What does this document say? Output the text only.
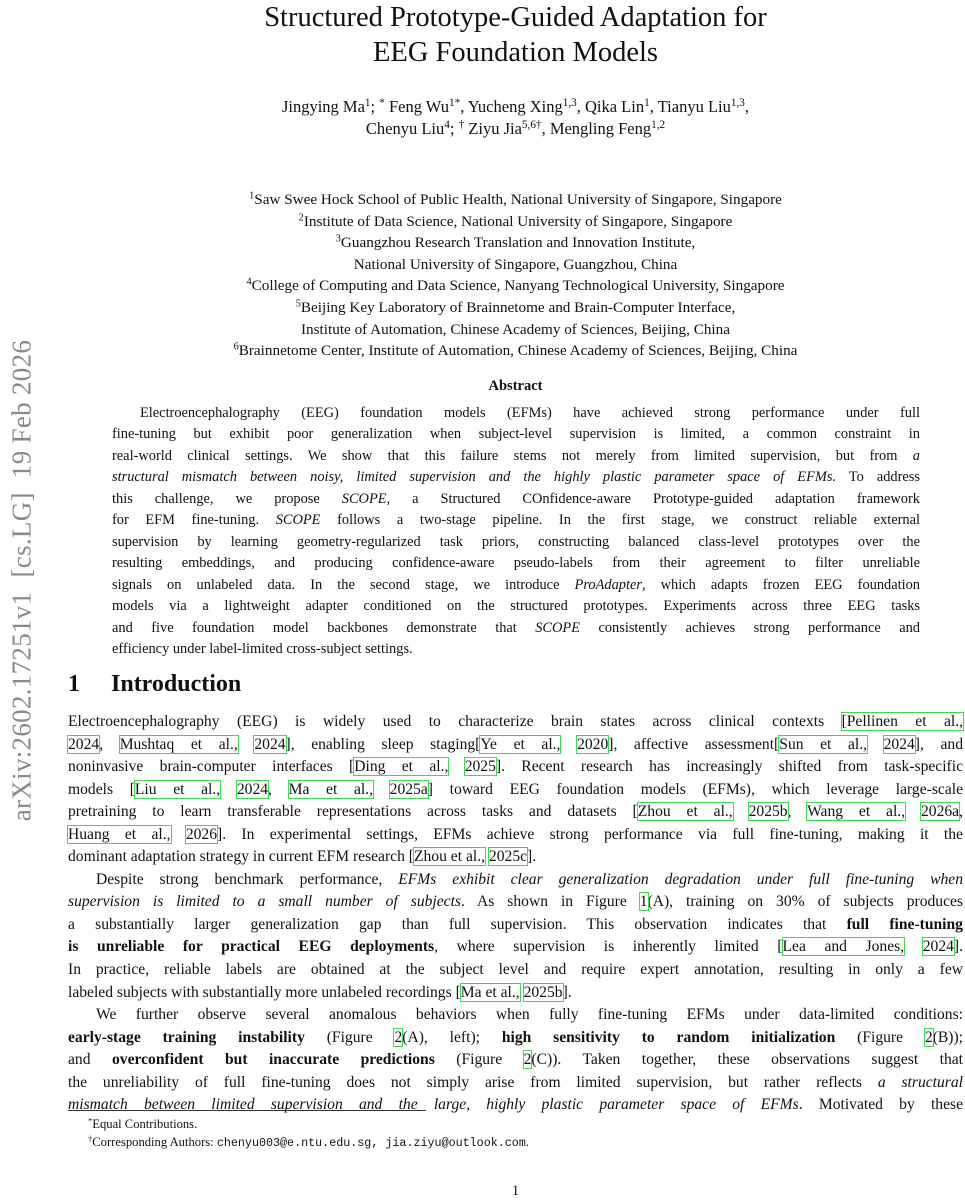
arXiv:2602.17251v1  [cs.LG]  19 Feb 2026
Structured Prototype-Guided Adaptation for
EEG Foundation Models
Jingying Ma$^1$; * Feng $Wu^{1*}$, Yucheng Xing$^{1,3}$, Qika Lin$^1$, Tianyu Liu$^{1,3}$,
Chenyu Liu$^4$; † Ziyu Jia$^{5,6\dagger}$, Mengling Feng$^{1,2}$
$^1$Saw Swee Hock School of Public Health, National University of Singapore, Singapore
$^2$Institute of Data Science, National University of Singapore, Singapore
$^3$Guangzhou Research Translation and Innovation Institute,
National University of Singapore, Guangzhou, China
$^4$College of Computing and Data Science, Nanyang Technological University, Singapore
$^5$Beijing Key Laboratory of Brainnetome and Brain-Computer Interface,
Institute of Automation, Chinese Academy of Sciences, Beijing, China
$^6$Brainnetome Center, Institute of Automation, Chinese Academy of Sciences, Beijing, China
Abstract
Electroencephalography (EEG) foundation models (EFMs) have achieved strong performance under full
fine-tuning but exhibit poor generalization when subject-level supervision is limited, a common constraint in
real-world clinical settings. We show that this failure stems not merely from limited supervision, but from a
structural mismatch between noisy, limited supervision and the highly plastic parameter space of EFMs. To address
this challenge, we propose SCOPE, a Structured COnfidence-aware Prototype-guided adaptation framework
for EFM fine-tuning. SCOPE follows a two-stage pipeline. In the first stage, we construct reliable external
supervision by learning geometry-regularized task priors, constructing balanced class-level prototypes over the
resulting embeddings, and producing confidence-aware pseudo-labels from their agreement to filter unreliable
signals on unlabeled data. In the second stage, we introduce ProAdapter, which adapts frozen EEG foundation
models via a lightweight adapter conditioned on the structured prototypes. Experiments across three EEG tasks
and five foundation model backbones demonstrate that SCOPE consistently achieves strong performance and
efficiency under label-limited cross-subject settings.
1 Introduction
Electroencephalography (EEG) is widely used to characterize brain states across clinical contexts [Pellinen et al.,
2024, Mushtaq et al., 2024], enabling sleep staging[Ye et al., 2020], affective assessment[Sun et al., 2024], and
noninvasive brain-computer interfaces [Ding et al., 2025]. Recent research has increasingly shifted from task-specific
models [Liu et al., 2024, Ma et al., 2025a] toward EEG foundation models (EFMs), which leverage large-scale
pretraining to learn transferable representations across tasks and datasets [Zhou et al., 2025b, Wang et al., 2026a,
Huang et al., 2026]. In experimental settings, EFMs achieve strong performance via full fine-tuning, making it the
dominant adaptation strategy in current EFM research [Zhou et al., 2025c].
Despite strong benchmark performance, EFMs exhibit clear generalization degradation under full fine-tuning when
supervision is limited to a small number of subjects. As shown in Figure 1(A), training on 30% of subjects produces
a substantially larger generalization gap than full supervision. This observation indicates that full fine-tuning
is unreliable for practical EEG deployments, where supervision is inherently limited [Lea and Jones, 2024].
In practice, reliable labels are obtained at the subject level and require expert annotation, resulting in only a few
labeled subjects with substantially more unlabeled recordings [Ma et al., 2025b].
We further observe several anomalous behaviors when fully fine-tuning EFMs under data-limited conditions:
early-stage training instability (Figure 2(A), left); high sensitivity to random initialization (Figure 2(B));
and overconfident but inaccurate predictions (Figure 2(C)). Taken together, these observations suggest that
the unreliability of full fine-tuning does not simply arise from limited supervision, but rather reflects a structural
mismatch between limited supervision and the large, highly plastic parameter space of EFMs. Motivated by these
*Equal Contributions.
†Corresponding Authors: chenyu003@e.ntu.edu.sg, jia.ziyu@outlook.com.
1
